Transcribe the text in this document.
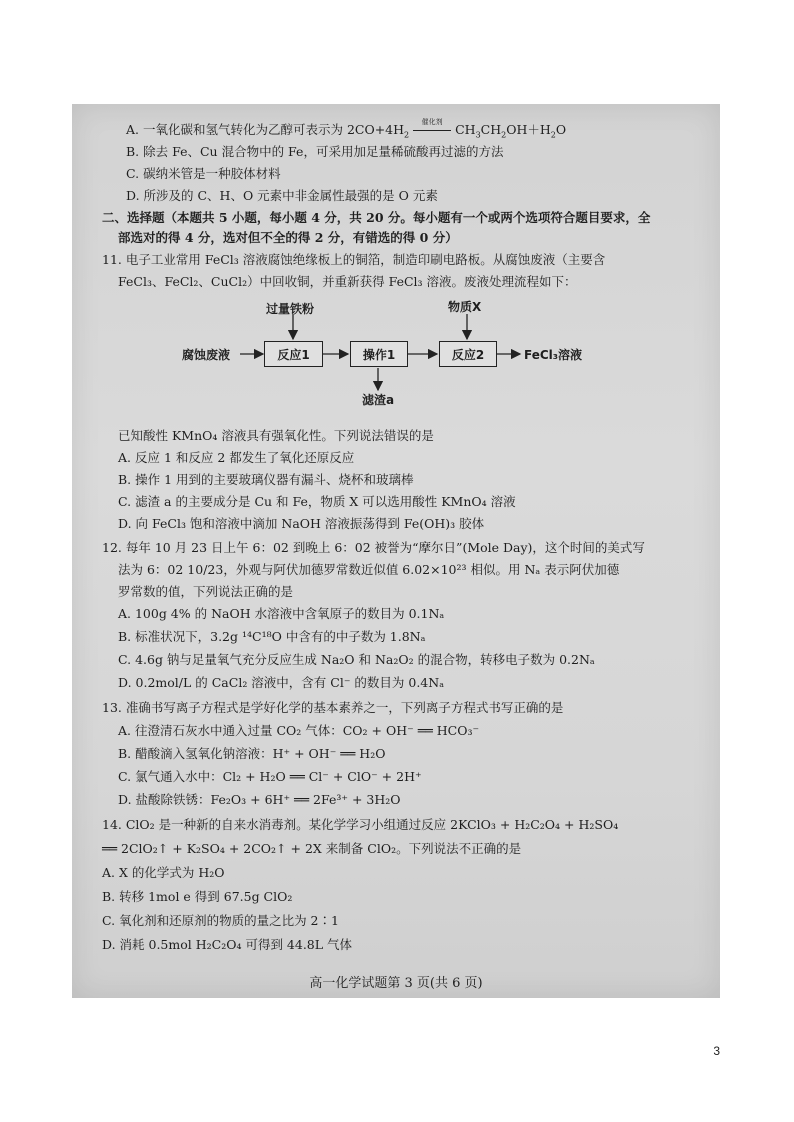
A. 一氧化碳和氢气转化为乙醇可表示为 $2CO+4H_2$
催化剂 $CH_3CH_2OH+H_2O$
B. 除去 Fe、Cu 混合物中的 Fe，可采用加足量稀硫酸再过滤的方法
C. 碳纳米管是一种胶体材料
D. 所涉及的 C、H、O 元素中非金属性最强的是 O 元素
二、选择题（本题共 5 小题，每小题 4 分，共 20 分。每小题有一个或两个选项符合题目要求，全
部选对的得 4 分，选对但不全的得 2 分，有错选的得 0 分）
11. 电子工业常用 FeCl₃ 溶液腐蚀绝缘板上的铜箔，制造印刷电路板。从腐蚀废液（主要含
FeCl₃、FeCl₂、CuCl₂）中回收铜，并重新获得 FeCl₃ 溶液。废液处理流程如下：
腐蚀废液
过量铁粉
反应1	操作1
滤渣a
物质X
反应2	FeCl₃溶液
已知酸性 KMnO₄ 溶液具有强氧化性。下列说法错误的是
A. 反应 1 和反应 2 都发生了氧化还原反应
B. 操作 1 用到的主要玻璃仪器有漏斗、烧杯和玻璃棒
C. 滤渣 a 的主要成分是 Cu 和 Fe，物质 X 可以选用酸性 KMnO₄ 溶液
D. 向 FeCl₃ 饱和溶液中滴加 NaOH 溶液振荡得到 Fe(OH)₃ 胶体
12. 每年 10 月 23 日上午 6：02 到晚上 6：02 被誉为“摩尔日”(Mole Day)，这个时间的美式写
法为 6：02 10/23，外观与阿伏加德罗常数近似值 6.02×10²³ 相似。用 Nₐ 表示阿伏加德
罗常数的值，下列说法正确的是
A. 100g 4% 的 NaOH 水溶液中含氧原子的数目为 0.1Nₐ
B. 标准状况下，3.2g ¹⁴C¹⁸O 中含有的中子数为 1.8Nₐ
C. 4.6g 钠与足量氧气充分反应生成 Na₂O 和 Na₂O₂ 的混合物，转移电子数为 0.2Nₐ
D. 0.2mol/L 的 CaCl₂ 溶液中，含有 Cl⁻ 的数目为 0.4Nₐ
13. 准确书写离子方程式是学好化学的基本素养之一，下列离子方程式书写正确的是
A. 往澄清石灰水中通入过量 CO₂ 气体：CO₂ + OH⁻ ══ HCO₃⁻
B. 醋酸滴入氢氧化钠溶液：H⁺ + OH⁻ ══ H₂O
C. 氯气通入水中：Cl₂ + H₂O ══ Cl⁻ + ClO⁻ + 2H⁺
D. 盐酸除铁锈：Fe₂O₃ + 6H⁺ ══ 2Fe³⁺ + 3H₂O
14. ClO₂ 是一种新的自来水消毒剂。某化学学习小组通过反应 2KClO₃ + H₂C₂O₄ + H₂SO₄
══ 2ClO₂↑ + K₂SO₄ + 2CO₂↑ + 2X 来制备 ClO₂。下列说法不正确的是
A. X 的化学式为 H₂O
B. 转移 1mol e 得到 67.5g ClO₂
C. 氧化剂和还原剂的物质的量之比为 2∶1
D. 消耗 0.5mol H₂C₂O₄ 可得到 44.8L 气体
高一化学试题第 3 页(共 6 页)
3
